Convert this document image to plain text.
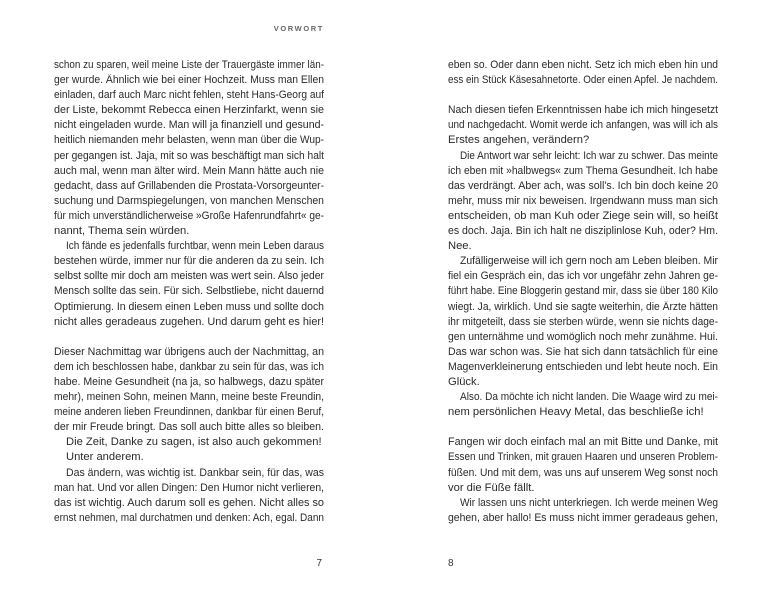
VORWORT
schon zu sparen, weil meine Liste der Trauergäste immer län-
ger wurde. Ähnlich wie bei einer Hochzeit. Muss man Ellen
einladen, darf auch Marc nicht fehlen, steht Hans-Georg auf
der Liste, bekommt Rebecca einen Herzinfarkt, wenn sie
nicht eingeladen wurde. Man will ja finanziell und gesund-
heitlich niemanden mehr belasten, wenn man über die Wup-
per gegangen ist. Jaja, mit so was beschäftigt man sich halt
auch mal, wenn man älter wird. Mein Mann hätte auch nie
gedacht, dass auf Grillabenden die Prostata-Vorsorgeunter-
suchung und Darmspiegelungen, von manchen Menschen
für mich unverständlicherweise »Große Hafenrundfahrt« ge-
nannt, Thema sein würden.
Ich fände es jedenfalls furchtbar, wenn mein Leben daraus
bestehen würde, immer nur für die anderen da zu sein. Ich
selbst sollte mir doch am meisten was wert sein. Also jeder
Mensch sollte das sein. Für sich. Selbstliebe, nicht dauernd
Optimierung. In diesem einen Leben muss und sollte doch
nicht alles geradeaus zugehen. Und darum geht es hier!
Dieser Nachmittag war übrigens auch der Nachmittag, an
dem ich beschlossen habe, dankbar zu sein für das, was ich
habe. Meine Gesundheit (na ja, so halbwegs, dazu später
mehr), meinen Sohn, meinen Mann, meine beste Freundin,
meine anderen lieben Freundinnen, dankbar für einen Beruf,
der mir Freude bringt. Das soll auch bitte alles so bleiben.
Die Zeit, Danke zu sagen, ist also auch gekommen!
Unter anderem.
Das ändern, was wichtig ist. Dankbar sein, für das, was
man hat. Und vor allen Dingen: Den Humor nicht verlieren,
das ist wichtig. Auch darum soll es gehen. Nicht alles so
ernst nehmen, mal durchatmen und denken: Ach, egal. Dann
7
eben so. Oder dann eben nicht. Setz ich mich eben hin und
ess ein Stück Käsesahnetorte. Oder einen Apfel. Je nachdem.
Nach diesen tiefen Erkenntnissen habe ich mich hingesetzt
und nachgedacht. Womit werde ich anfangen, was will ich als
Erstes angehen, verändern?
Die Antwort war sehr leicht: Ich war zu schwer. Das meinte
ich eben mit »halbwegs« zum Thema Gesundheit. Ich habe
das verdrängt. Aber ach, was soll's. Ich bin doch keine 20
mehr, muss mir nix beweisen. Irgendwann muss man sich
entscheiden, ob man Kuh oder Ziege sein will, so heißt
es doch. Jaja. Bin ich halt ne disziplinlose Kuh, oder? Hm.
Nee.
Zufälligerweise will ich gern noch am Leben bleiben. Mir
fiel ein Gespräch ein, das ich vor ungefähr zehn Jahren ge-
führt habe. Eine Bloggerin gestand mir, dass sie über 180 Kilo
wiegt. Ja, wirklich. Und sie sagte weiterhin, die Ärzte hätten
ihr mitgeteilt, dass sie sterben würde, wenn sie nichts dage-
gen unternähme und womöglich noch mehr zunähme. Hui.
Das war schon was. Sie hat sich dann tatsächlich für eine
Magenverkleinerung entschieden und lebt heute noch. Ein
Glück.
Also. Da möchte ich nicht landen. Die Waage wird zu mei-
nem persönlichen Heavy Metal, das beschließe ich!
Fangen wir doch einfach mal an mit Bitte und Danke, mit
Essen und Trinken, mit grauen Haaren und unseren Problem-
füßen. Und mit dem, was uns auf unserem Weg sonst noch
vor die Füße fällt.
Wir lassen uns nicht unterkriegen. Ich werde meinen Weg
gehen, aber hallo! Es muss nicht immer geradeaus gehen,
8
